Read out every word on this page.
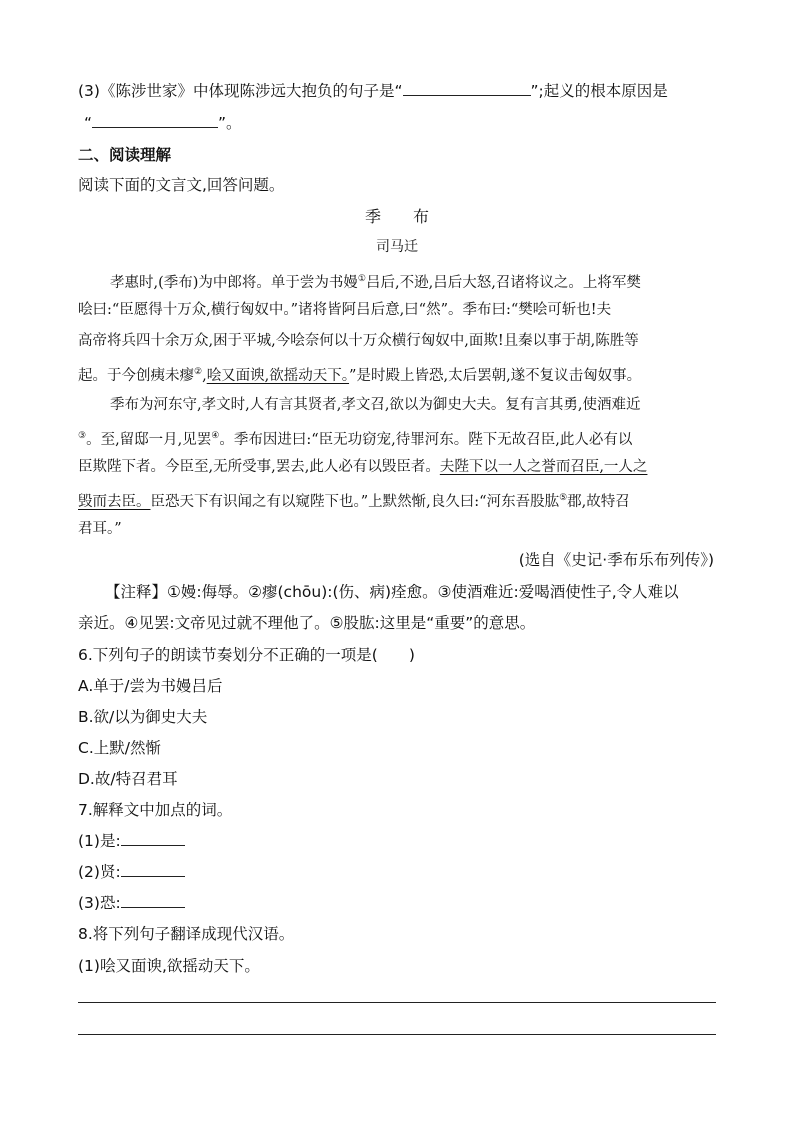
(3)《陈涉世家》中体现陈涉远大抱负的句子是“	”;起义的根本原因是
“	”。
二、阅读理解
阅读下面的文言文,回答问题。
季　　布
司马迁
孝惠时,(季布)为中郎将。单于尝为书嫚①吕后,不逊,吕后大怒,召诸将议之。上将军樊
哙曰:“臣愿得十万众,横行匈奴中。”诸将皆阿吕后意,曰“然”。季布曰:“樊哙可斩也!夫
高帝将兵四十余万众,困于平城,今哙奈何以十万众横行匈奴中,面欺!且秦以事于胡,陈胜等
起。于今创痍未瘳②,哙又面谀,欲摇动天下。”是时殿上皆恐,太后罢朝,遂不复议击匈奴事。
季布为河东守,孝文时,人有言其贤者,孝文召,欲以为御史大夫。复有言其勇,使酒难近
③。至,留邸一月,见罢④。季布因进曰:“臣无功窃宠,待罪河东。陛下无故召臣,此人必有以
臣欺陛下者。今臣至,无所受事,罢去,此人必有以毁臣者。夫陛下以一人之誉而召臣,一人之
毁而去臣。臣恐天下有识闻之有以窥陛下也。”上默然惭,良久曰:“河东吾股肱⑤郡,故特召
君耳。”
(选自《史记·季布乐布列传》)
【注释】①嫚:侮辱。②瘳(chōu):(伤、病)痊愈。③使酒难近:爱喝酒使性子,令人难以
亲近。④见罢:文帝见过就不理他了。⑤股肱:这里是“重要”的意思。
6.下列句子的朗读节奏划分不正确的一项是(　　)
A.单于/尝为书嫚吕后
B.欲/以为御史大夫
C.上默/然惭
D.故/特召君耳
7.解释文中加点的词。
(1)是:
(2)贤:
(3)恐:
8.将下列句子翻译成现代汉语。
(1)哙又面谀,欲摇动天下。
